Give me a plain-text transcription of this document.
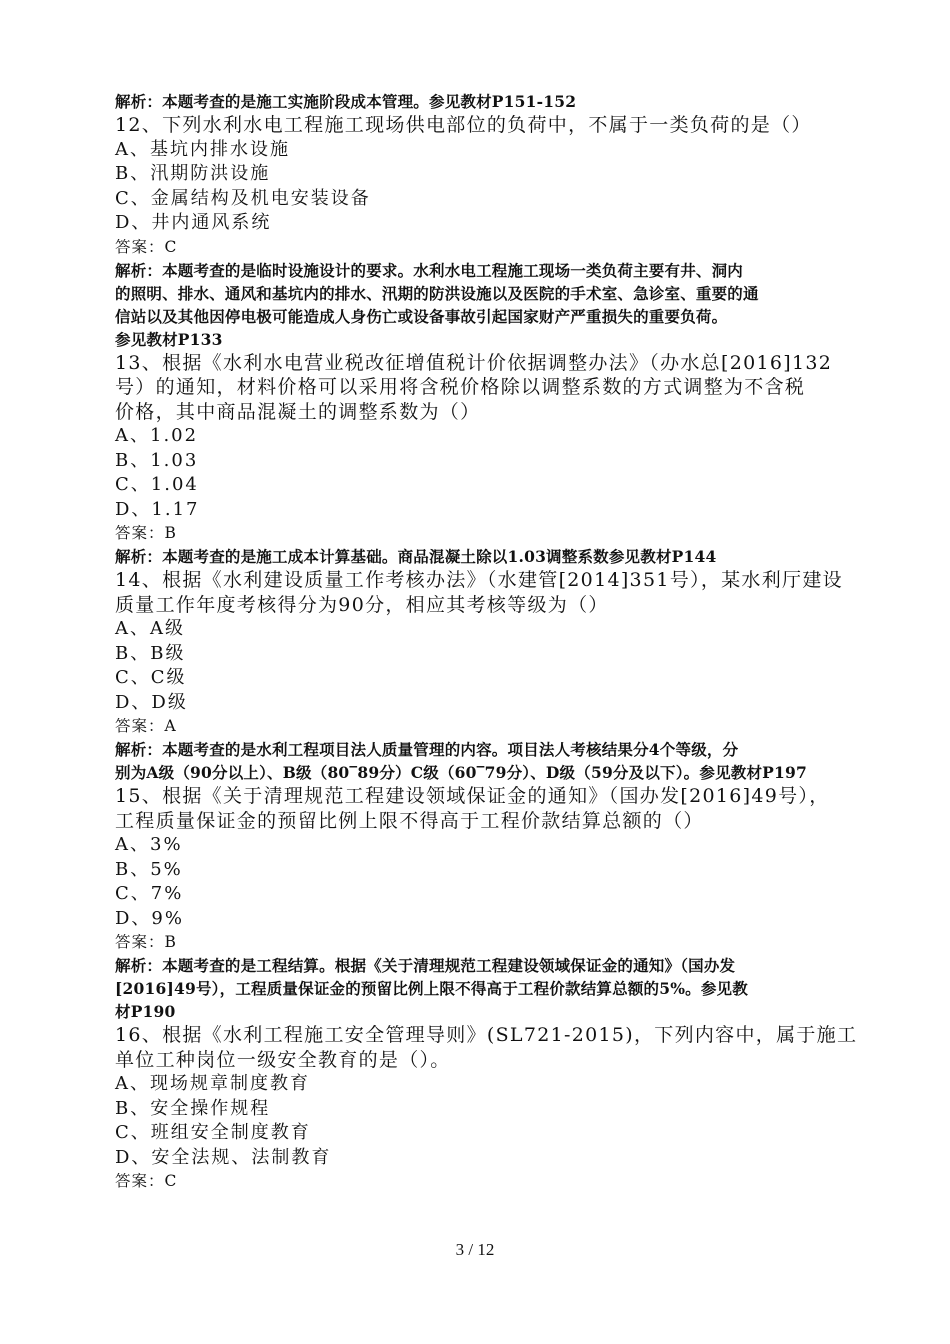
解析：本题考查的是施工实施阶段成本管理。参见教材P151-152
12、下列水利水电工程施工现场供电部位的负荷中，不属于一类负荷的是（）
A、基坑内排水设施
B、汛期防洪设施
C、金属结构及机电安装设备
D、井内通风系统
答案：C
解析：本题考查的是临时设施设计的要求。水利水电工程施工现场一类负荷主要有井、洞内
的照明、排水、通风和基坑内的排水、汛期的防洪设施以及医院的手术室、急诊室、重要的通
信站以及其他因停电极可能造成人身伤亡或设备事故引起国家财产严重损失的重要负荷。
参见教材P133
13、根据《水利水电营业税改征增值税计价依据调整办法》（办水总[2016]132
号）的通知，材料价格可以采用将含税价格除以调整系数的方式调整为不含税
价格，其中商品混凝土的调整系数为（）
A、1.02
B、1.03
C、1.04
D、1.17
答案：B
解析：本题考查的是施工成本计算基础。商品混凝土除以1.03调整系数参见教材P144
14、根据《水利建设质量工作考核办法》（水建管[2014]351号），某水利厅建设
质量工作年度考核得分为90分，相应其考核等级为（）
A、A级
B、B级
C、C级
D、D级
答案：A
解析：本题考查的是水利工程项目法人质量管理的内容。项目法人考核结果分4个等级，分
别为A级（90分以上）、B级（80‾89分）C级（60‾79分）、D级（59分及以下）。参见教材P197
15、根据《关于清理规范工程建设领域保证金的通知》（国办发[2016]49号），
工程质量保证金的预留比例上限不得高于工程价款结算总额的（）
A、3%
B、5%
C、7%
D、9%
答案：B
解析：本题考查的是工程结算。根据《关于清理规范工程建设领域保证金的通知》（国办发
[2016]49号），工程质量保证金的预留比例上限不得高于工程价款结算总额的5%。参见教
材P190
16、根据《水利工程施工安全管理导则》(SL721-2015)，下列内容中，属于施工
单位工种岗位一级安全教育的是（）。
A、现场规章制度教育
B、安全操作规程
C、班组安全制度教育
D、安全法规、法制教育
答案：C
3 / 12
